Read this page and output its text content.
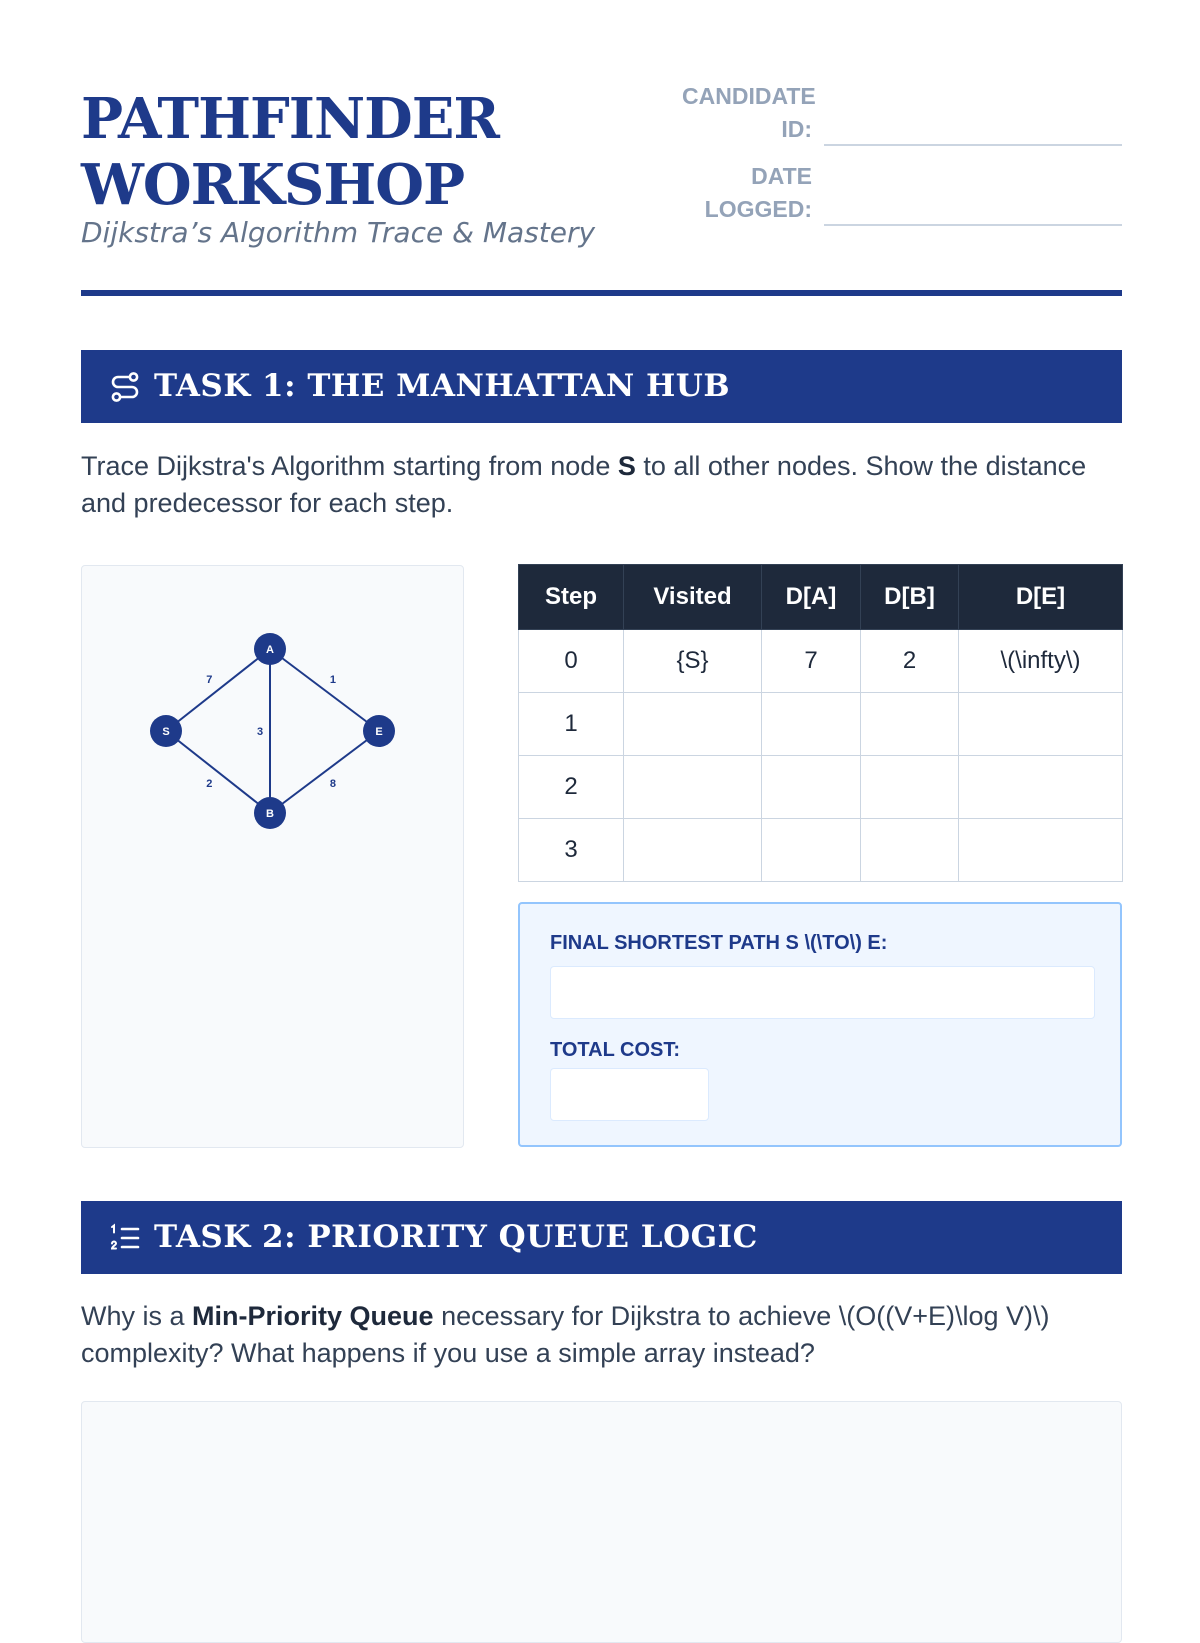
PATHFINDER
WORKSHOP
Dijkstra’s Algorithm Trace & Mastery
CANDIDATE ID:
DATE LOGGED:
TASK 1: THE MANHATTAN HUB

Trace Dijkstra's Algorithm starting from node S to all other nodes. Show the distance and predecessor for each step.

7	1
3
2	8
S
A
B
E
Step	Visited	D[A]	D[B]	D[E]
0	{S}	7	2	\(\infty\)
1				
2				
3				
FINAL SHORTEST PATH S \(\TO\) E:
TOTAL COST:
TASK 2: PRIORITY QUEUE LOGIC

Why is a Min-Priority Queue necessary for Dijkstra to achieve \(O((V+E)\log V)\) complexity? What happens if you use a simple array instead?
